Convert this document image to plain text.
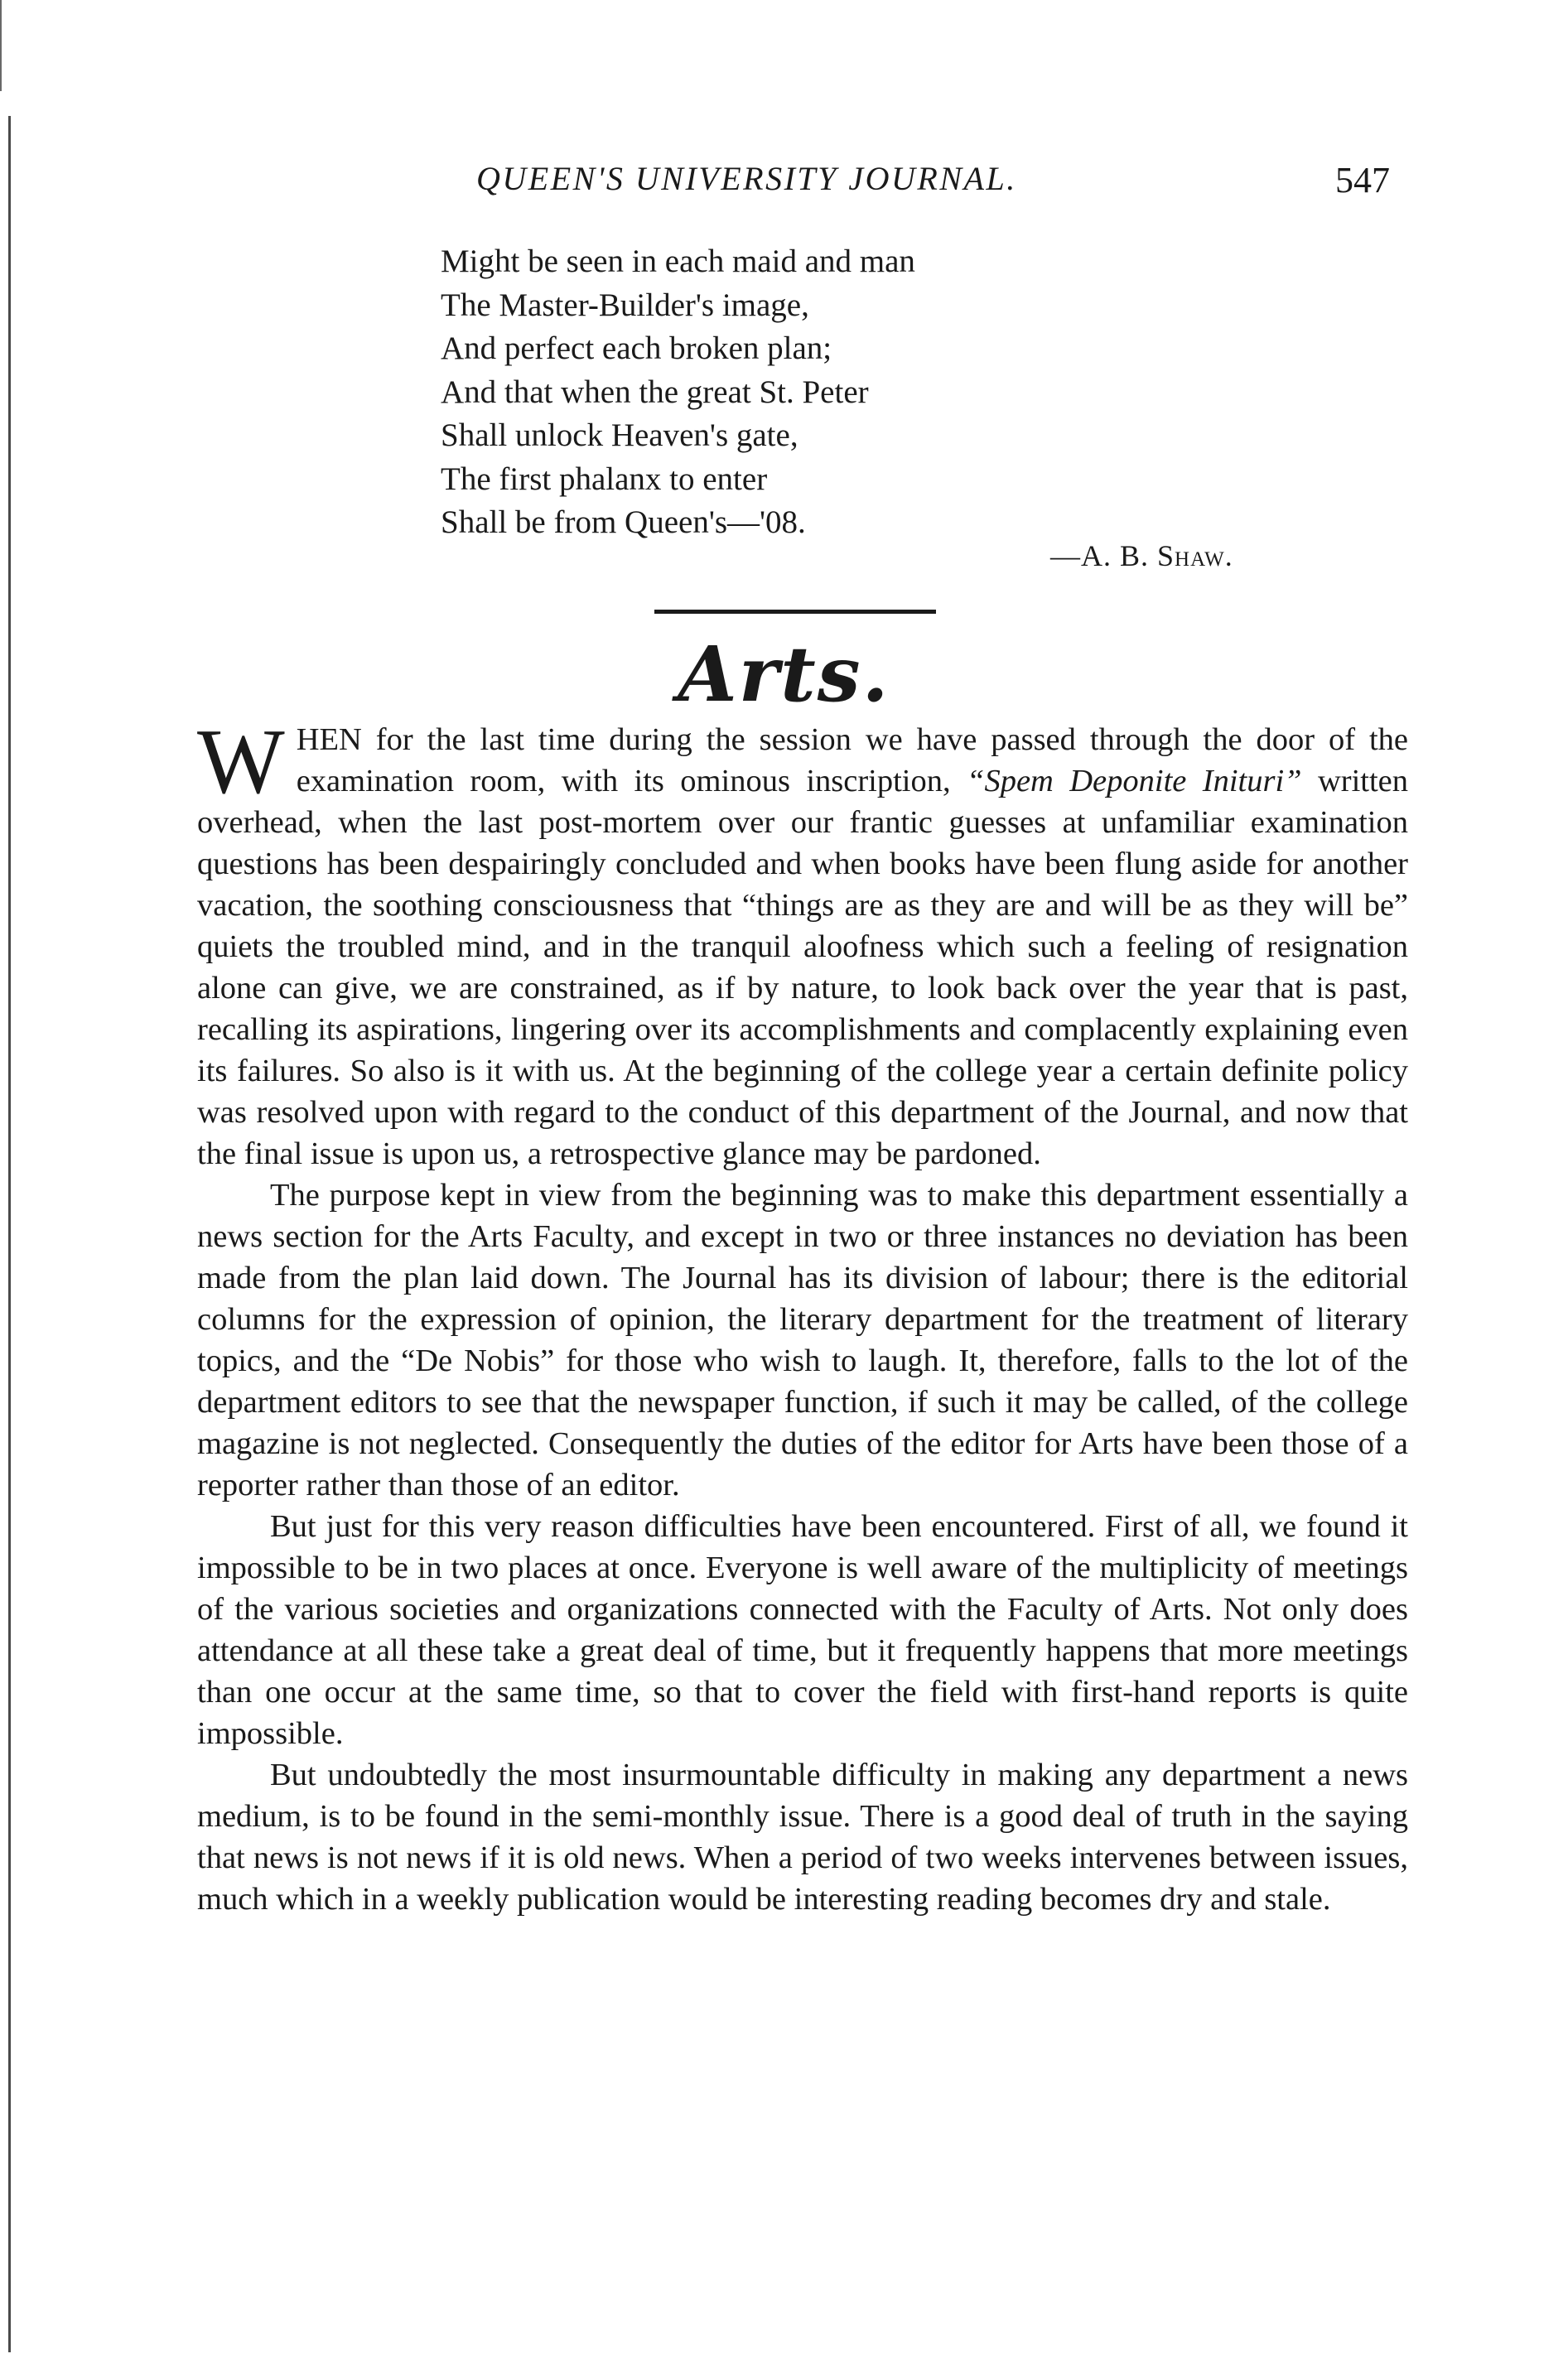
QUEEN'S UNIVERSITY JOURNAL.	547
Might be seen in each maid and man
The Master-Builder's image,
And perfect each broken plan;
And that when the great St. Peter
Shall unlock Heaven's gate,
The first phalanx to enter
Shall be from Queen's—'08.
—A. B. Shaw.
Arts.

WHEN for the last time during the session we have passed through the door of the examination room, with its ominous inscription, “Spem Deponite Inituri” written overhead, when the last post-mortem over our frantic guesses at unfamiliar examination questions has been despairingly concluded and when books have been flung aside for another vacation, the soothing consciousness that “things are as they are and will be as they will be” quiets the troubled mind, and in the tranquil aloofness which such a feeling of resignation alone can give, we are constrained, as if by nature, to look back over the year that is past, recalling its aspirations, lingering over its accomplishments and complacently explaining even its failures. So also is it with us. At the beginning of the college year a certain definite policy was resolved upon with regard to the conduct of this department of the Journal, and now that the final issue is upon us, a retrospective glance may be pardoned.

The purpose kept in view from the beginning was to make this department essentially a news section for the Arts Faculty, and except in two or three instances no deviation has been made from the plan laid down. The Journal has its division of labour; there is the editorial columns for the expression of opinion, the literary department for the treatment of literary topics, and the “De Nobis” for those who wish to laugh. It, therefore, falls to the lot of the department editors to see that the newspaper function, if such it may be called, of the college magazine is not neglected. Consequently the duties of the editor for Arts have been those of a reporter rather than those of an editor.

But just for this very reason difficulties have been encountered. First of all, we found it impossible to be in two places at once. Everyone is well aware of the multiplicity of meetings of the various societies and organizations connected with the Faculty of Arts. Not only does attendance at all these take a great deal of time, but it frequently happens that more meetings than one occur at the same time, so that to cover the field with first-hand reports is quite impossible.

But undoubtedly the most insurmountable difficulty in making any department a news medium, is to be found in the semi-monthly issue. There is a good deal of truth in the saying that news is not news if it is old news. When a period of two weeks intervenes between issues, much which in a weekly publication would be interesting reading becomes dry and stale.
